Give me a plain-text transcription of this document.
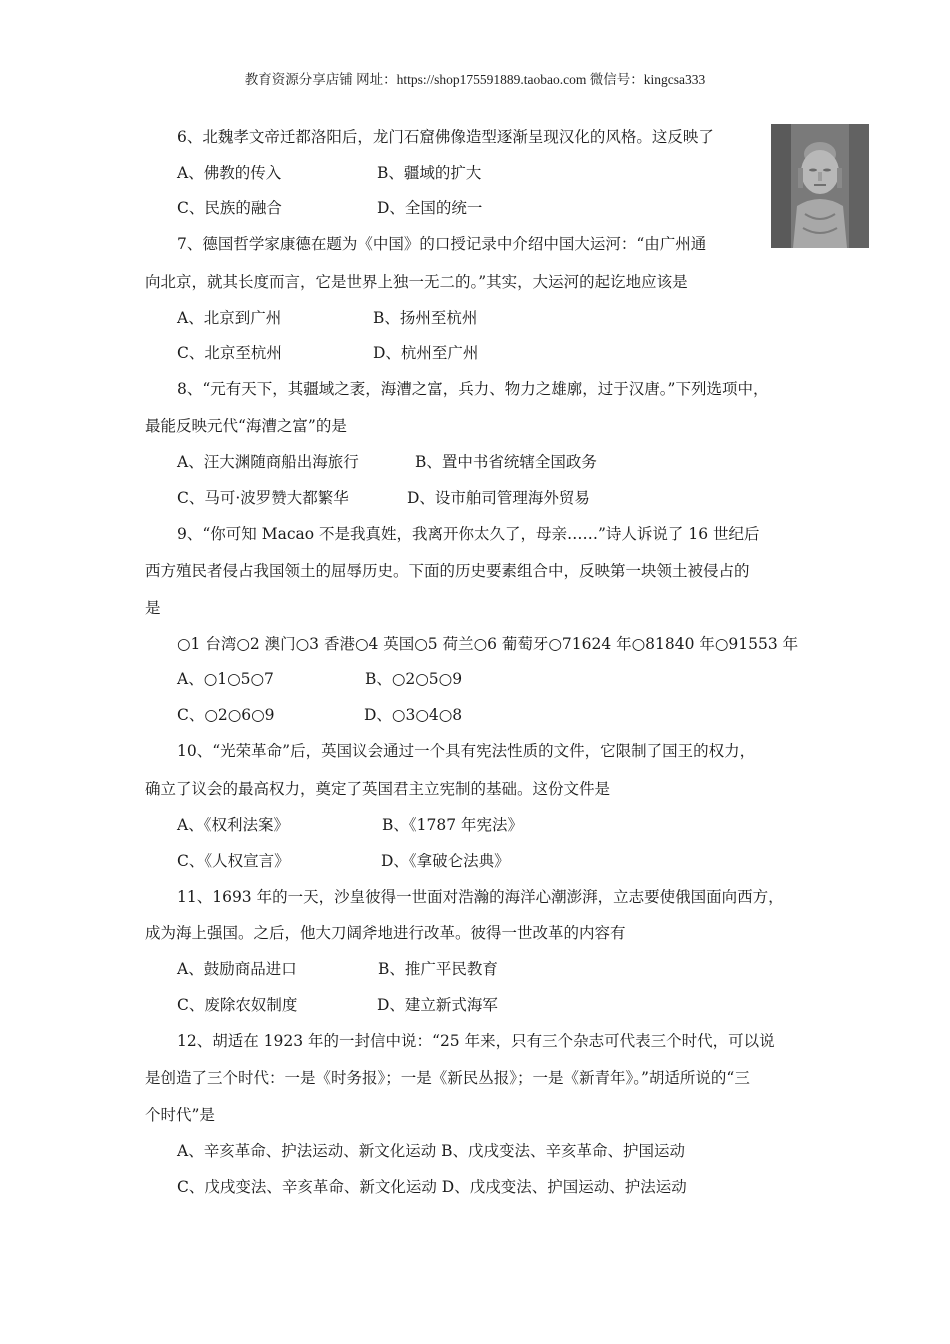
教育资源分享店铺 网址：https://shop175591889.taobao.com 微信号：kingcsa333
6、北魏孝文帝迁都洛阳后，龙门石窟佛像造型逐渐呈现汉化的风格。这反映了
A、佛教的传入	B、疆域的扩大
C、民族的融合	D、全国的统一
7、德国哲学家康德在题为《中国》的口授记录中介绍中国大运河：“由广州通
向北京，就其长度而言，它是世界上独一无二的。”其实，大运河的起讫地应该是
A、北京到广州	B、扬州至杭州
C、北京至杭州	D、杭州至广州
8、“元有天下，其疆域之袤，海漕之富，兵力、物力之雄廓，过于汉唐。”下列选项中，
最能反映元代“海漕之富”的是
A、汪大渊随商船出海旅行	B、置中书省统辖全国政务
C、马可·波罗赞大都繁华	D、设市舶司管理海外贸易
9、“你可知 Macao 不是我真姓，我离开你太久了，母亲……”诗人诉说了 16 世纪后
西方殖民者侵占我国领土的屈辱历史。下面的历史要素组合中，反映第一块领土被侵占的
是
○1 台湾○2 澳门○3 香港○4 英国○5 荷兰○6 葡萄牙○71624 年○81840 年○91553 年
A、○1○5○7	B、○2○5○9
C、○2○6○9	D、○3○4○8
10、“光荣革命”后，英国议会通过一个具有宪法性质的文件，它限制了国王的权力，
确立了议会的最高权力，奠定了英国君主立宪制的基础。这份文件是
A、《权利法案》	B、《1787 年宪法》
C、《人权宣言》	D、《拿破仑法典》
11、1693 年的一天，沙皇彼得一世面对浩瀚的海洋心潮澎湃，立志要使俄国面向西方，
成为海上强国。之后，他大刀阔斧地进行改革。彼得一世改革的内容有
A、鼓励商品进口	B、推广平民教育
C、废除农奴制度	D、建立新式海军
12、胡适在 1923 年的一封信中说：“25 年来，只有三个杂志可代表三个时代，可以说
是创造了三个时代：一是《时务报》；一是《新民丛报》；一是《新青年》。”胡适所说的“三
个时代”是
A、辛亥革命、护法运动、新文化运动 B、戊戌变法、辛亥革命、护国运动
C、戊戌变法、辛亥革命、新文化运动 D、戊戌变法、护国运动、护法运动
